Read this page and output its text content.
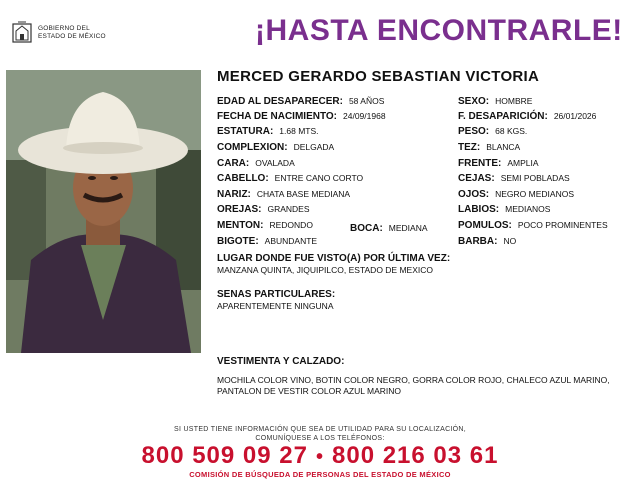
GOBIERNO DEL
ESTADO DE MÉXICO	¡HASTA ENCONTRARLE!
MERCED GERARDO SEBASTIAN VICTORIA
EDAD AL DESAPARECER: 58 AÑOS
FECHA DE NACIMIENTO: 24/09/1968
ESTATURA: 1.68 MTS.
COMPLEXION: DELGADA
CARA: OVALADA
CABELLO: ENTRE CANO CORTO
NARIZ: CHATA BASE MEDIANA
OREJAS: GRANDES
MENTON: REDONDO	BOCA: MEDIANA
BIGOTE: ABUNDANTE
SEXO: HOMBRE
F. DESAPARICIÓN: 26/01/2026
PESO: 68 KGS.
TEZ: BLANCA
FRENTE: AMPLIA
CEJAS: SEMI POBLADAS
OJOS: NEGRO MEDIANOS
LABIOS: MEDIANOS
POMULOS: POCO PROMINENTES
BARBA: NO
LUGAR DONDE FUE VISTO(A) POR ÚLTIMA VEZ:
MANZANA QUINTA, JIQUIPILCO, ESTADO DE MEXICO
SENAS PARTICULARES:
APARENTEMENTE NINGUNA
VESTIMENTA Y CALZADO:
MOCHILA COLOR VINO, BOTIN COLOR NEGRO, GORRA COLOR ROJO, CHALECO AZUL MARINO, PANTALON DE VESTIR COLOR AZUL MARINO
SI USTED TIENE INFORMACIÓN QUE SEA DE UTILIDAD PARA SU LOCALIZACIÓN,
COMUNÍQUESE A LOS TELÉFONOS:
800 509 09 27 • 800 216 03 61
COMISIÓN DE BÚSQUEDA DE PERSONAS DEL ESTADO DE MÉXICO
